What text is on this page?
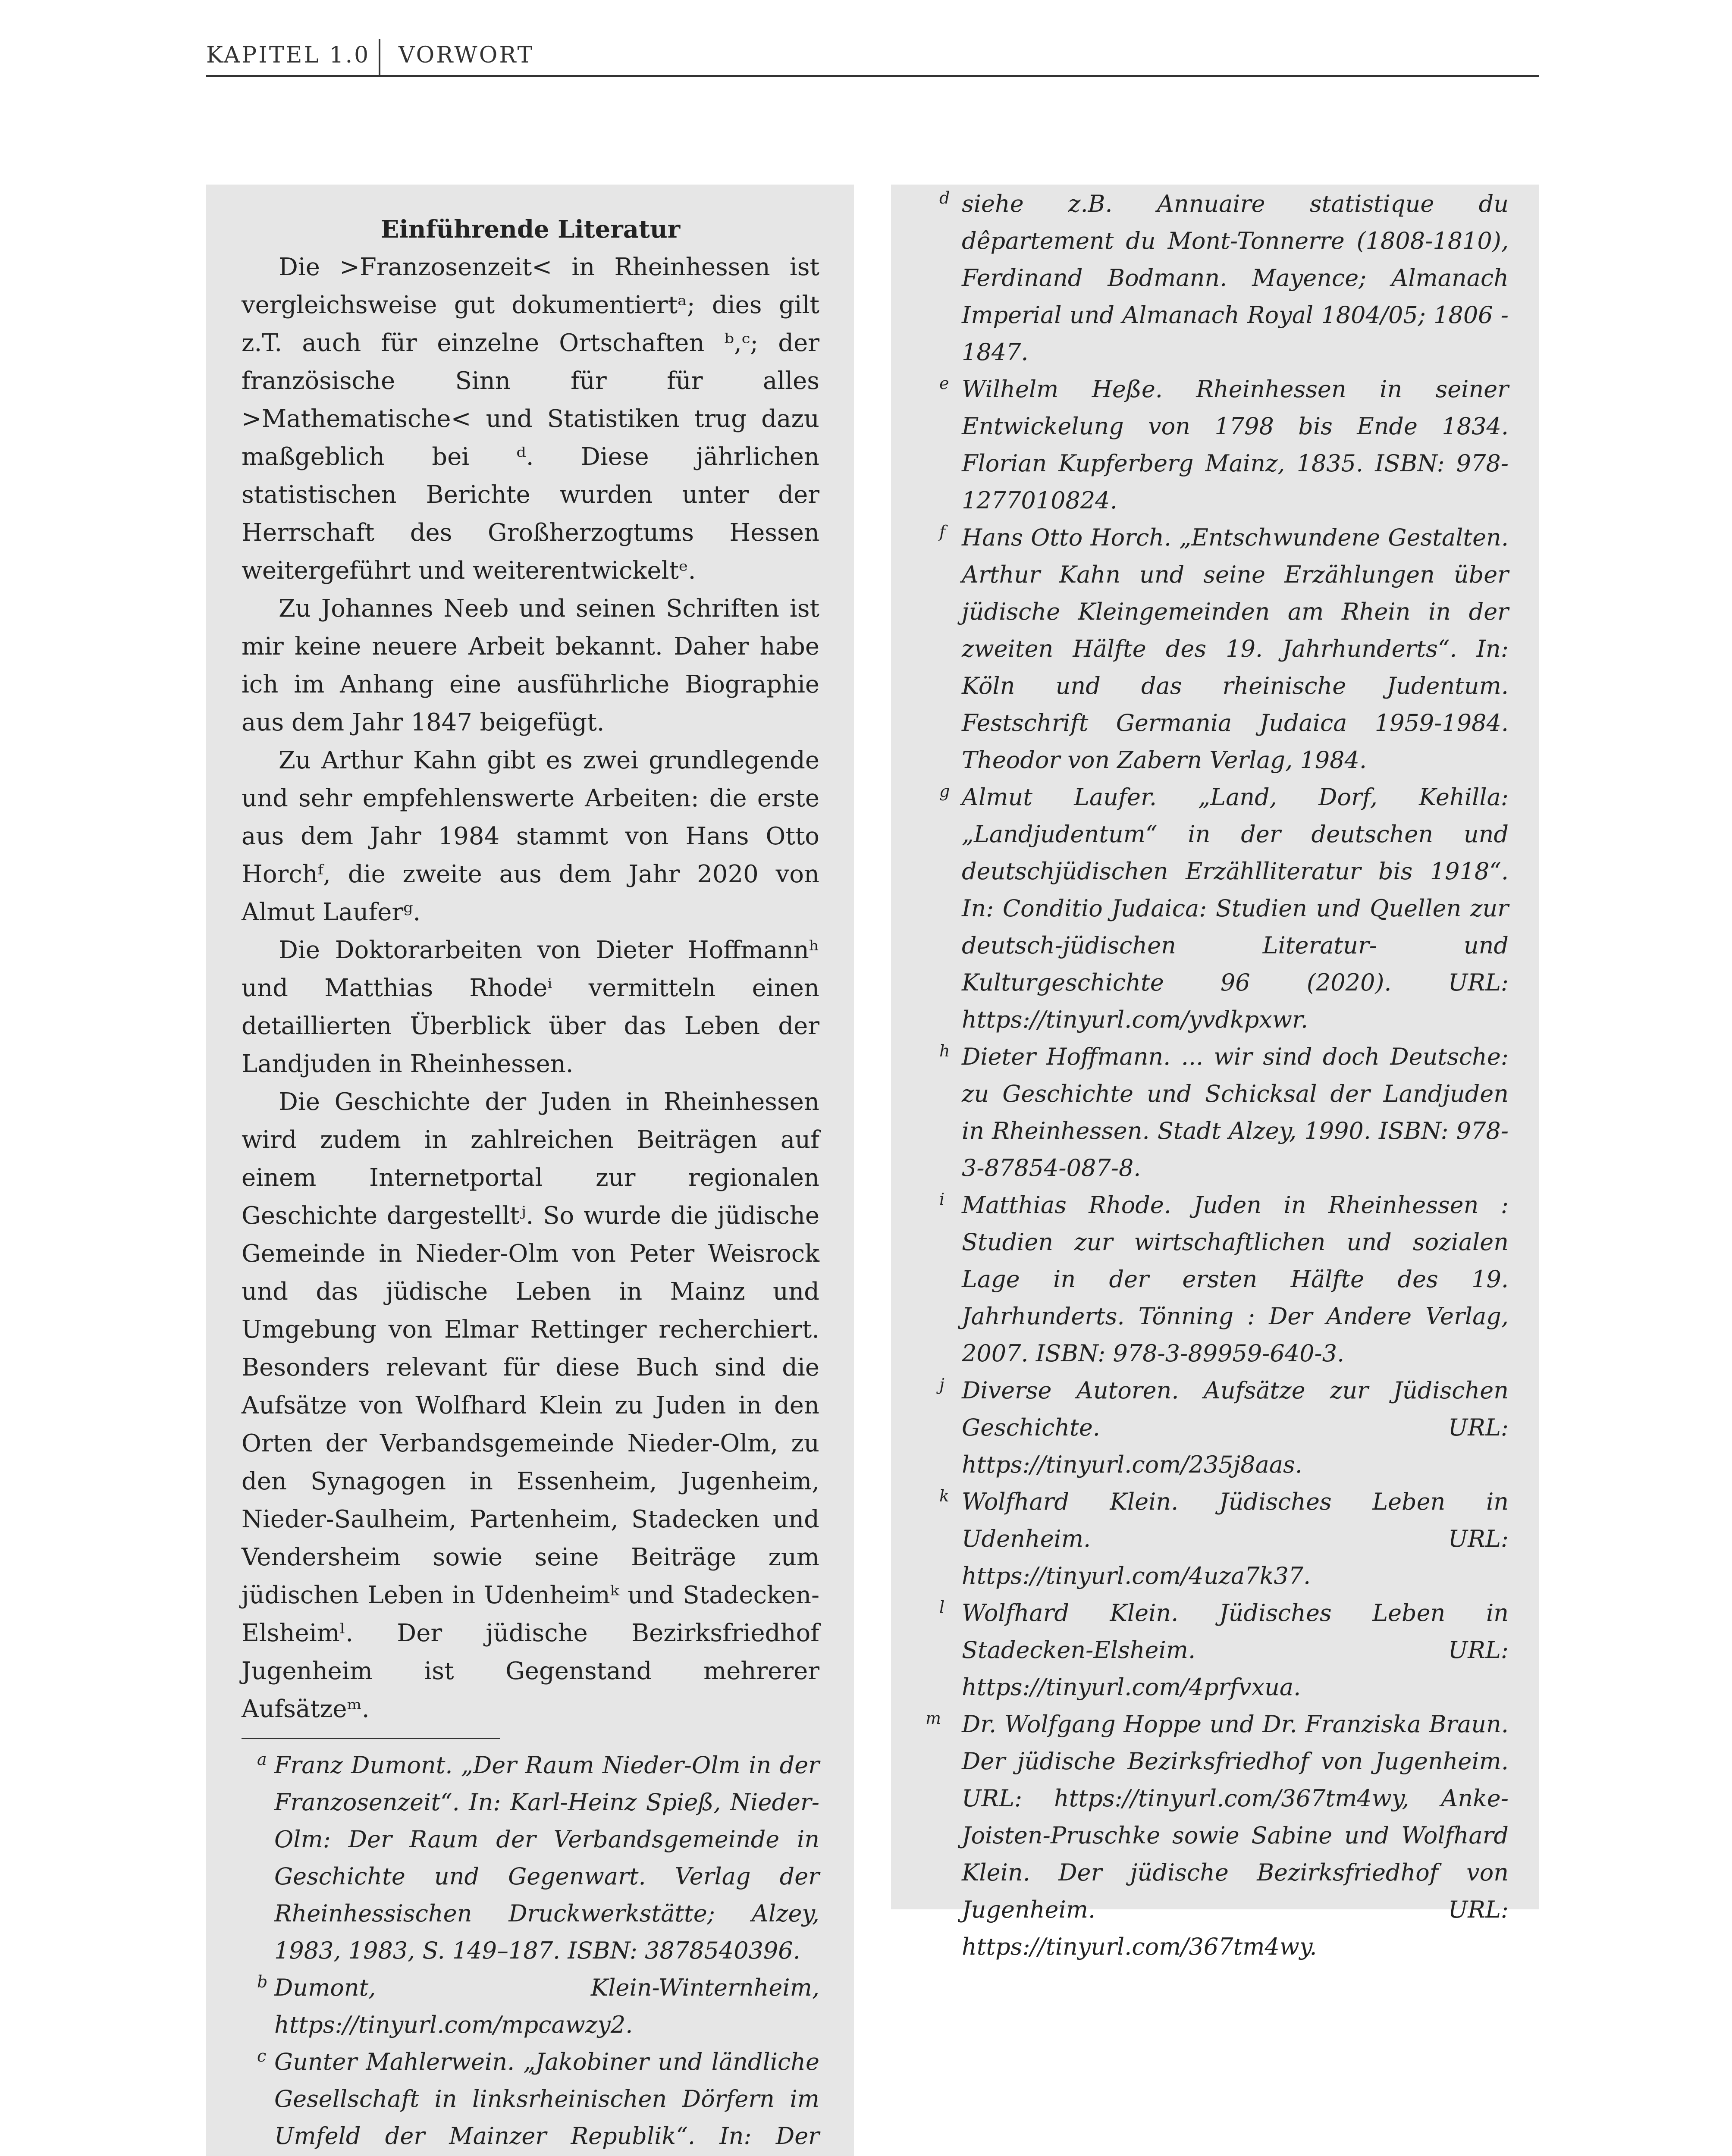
KAPITEL 1.0 VORWORT

Einführende Literatur

Die >Franzosenzeit< in Rheinhessen ist vergleichsweise gut dokumentiertᵃ; dies gilt z.T. auch für einzelne Ortschaften ᵇ,ᶜ; der französische Sinn für für alles >Mathematische< und Statistiken trug dazu maßgeblich bei ᵈ. Diese jährlichen statistischen Berichte wurden unter der Herrschaft des Großherzogtums Hessen weitergeführt und weiterentwickeltᵉ.

Zu Johannes Neeb und seinen Schriften ist mir keine neuere Arbeit bekannt. Daher habe ich im Anhang eine ausführliche Biographie aus dem Jahr 1847 beigefügt.

Zu Arthur Kahn gibt es zwei grundlegende und sehr empfehlenswerte Arbeiten: die erste aus dem Jahr 1984 stammt von Hans Otto Horchᶠ, die zweite aus dem Jahr 2020 von Almut Lauferᵍ.

Die Doktorarbeiten von Dieter Hoffmannʰ und Matthias Rhodeⁱ vermitteln einen detaillierten Überblick über das Leben der Landjuden in Rheinhessen.

Die Geschichte der Juden in Rheinhessen wird zudem in zahlreichen Beiträgen auf einem Internetportal zur regionalen Geschichte dargestelltʲ. So wurde die jüdische Gemeinde in Nieder-Olm von Peter Weisrock und das jüdische Leben in Mainz und Umgebung von Elmar Rettinger recherchiert. Besonders relevant für diese Buch sind die Aufsätze von Wolfhard Klein zu Juden in den Orten der Verbandsgemeinde Nieder-Olm, zu den Synagogen in Essenheim, Jugenheim, Nieder-Saulheim, Partenheim, Stadecken und Vendersheim sowie seine Beiträge zum jüdischen Leben in Udenheimᵏ und Stadecken-Elsheimˡ. Der jüdische Bezirksfriedhof Jugenheim ist Gegenstand mehrerer Aufsätzeᵐ.

a Franz Dumont. „Der Raum Nieder-Olm in der Franzosenzeit“. In: Karl-Heinz Spieß, Nieder-Olm: Der Raum der Verbandsgemeinde in Geschichte und Gegenwart. Verlag der Rheinhessischen Druckwerkstätte; Alzey, 1983, 1983, S. 149–187. ISBN: 3878540396.

b Dumont, Klein-Winternheim, https://tinyurl.com/mpcawzy2.

c Gunter Mahlerwein. „Jakobiner und ländliche Gesellschaft in linksrheinischen Dörfern im Umfeld der Mainzer Republik“. In: Der

d siehe z.B. Annuaire statistique du dêpartement du Mont-Tonnerre (1808-1810), Ferdinand Bodmann. Mayence; Almanach Imperial und Almanach Royal 1804/05; 1806 - 1847.

e Wilhelm Heße. Rheinhessen in seiner Entwickelung von 1798 bis Ende 1834. Florian Kupferberg Mainz, 1835. ISBN: 978-1277010824.

f Hans Otto Horch. „Entschwundene Gestalten. Arthur Kahn und seine Erzählungen über jüdische Kleingemeinden am Rhein in der zweiten Hälfte des 19. Jahrhunderts“. In: Köln und das rheinische Judentum. Festschrift Germania Judaica 1959-1984. Theodor von Zabern Verlag, 1984.

g Almut Laufer. „Land, Dorf, Kehilla: „Landjudentum“ in der deutschen und deutschjüdischen Erzählliteratur bis 1918“. In: Conditio Judaica: Studien und Quellen zur deutsch-jüdischen Literatur- und Kulturgeschichte 96 (2020). URL: https://tinyurl.com/yvdkpxwr.

h Dieter Hoffmann. ... wir sind doch Deutsche: zu Geschichte und Schicksal der Landjuden in Rheinhessen. Stadt Alzey, 1990. ISBN: 978-3-87854-087-8.

i Matthias Rhode. Juden in Rheinhessen : Studien zur wirtschaftlichen und sozialen Lage in der ersten Hälfte des 19. Jahrhunderts. Tönning : Der Andere Verlag, 2007. ISBN: 978-3-89959-640-3.

j Diverse Autoren. Aufsätze zur Jüdischen Geschichte. URL: https://tinyurl.com/235j8aas.

k Wolfhard Klein. Jüdisches Leben in Udenheim. URL: https://tinyurl.com/4uza7k37.

l Wolfhard Klein. Jüdisches Leben in Stadecken-Elsheim. URL: https://tinyurl.com/4prfvxua.

m Dr. Wolfgang Hoppe und Dr. Franziska Braun. Der jüdische Bezirksfriedhof von Jugenheim. URL: https://tinyurl.com/367tm4wy, Anke-Joisten-Pruschke sowie Sabine und Wolfhard Klein. Der jüdische Bezirksfriedhof von Jugenheim. URL: https://tinyurl.com/367tm4wy.
